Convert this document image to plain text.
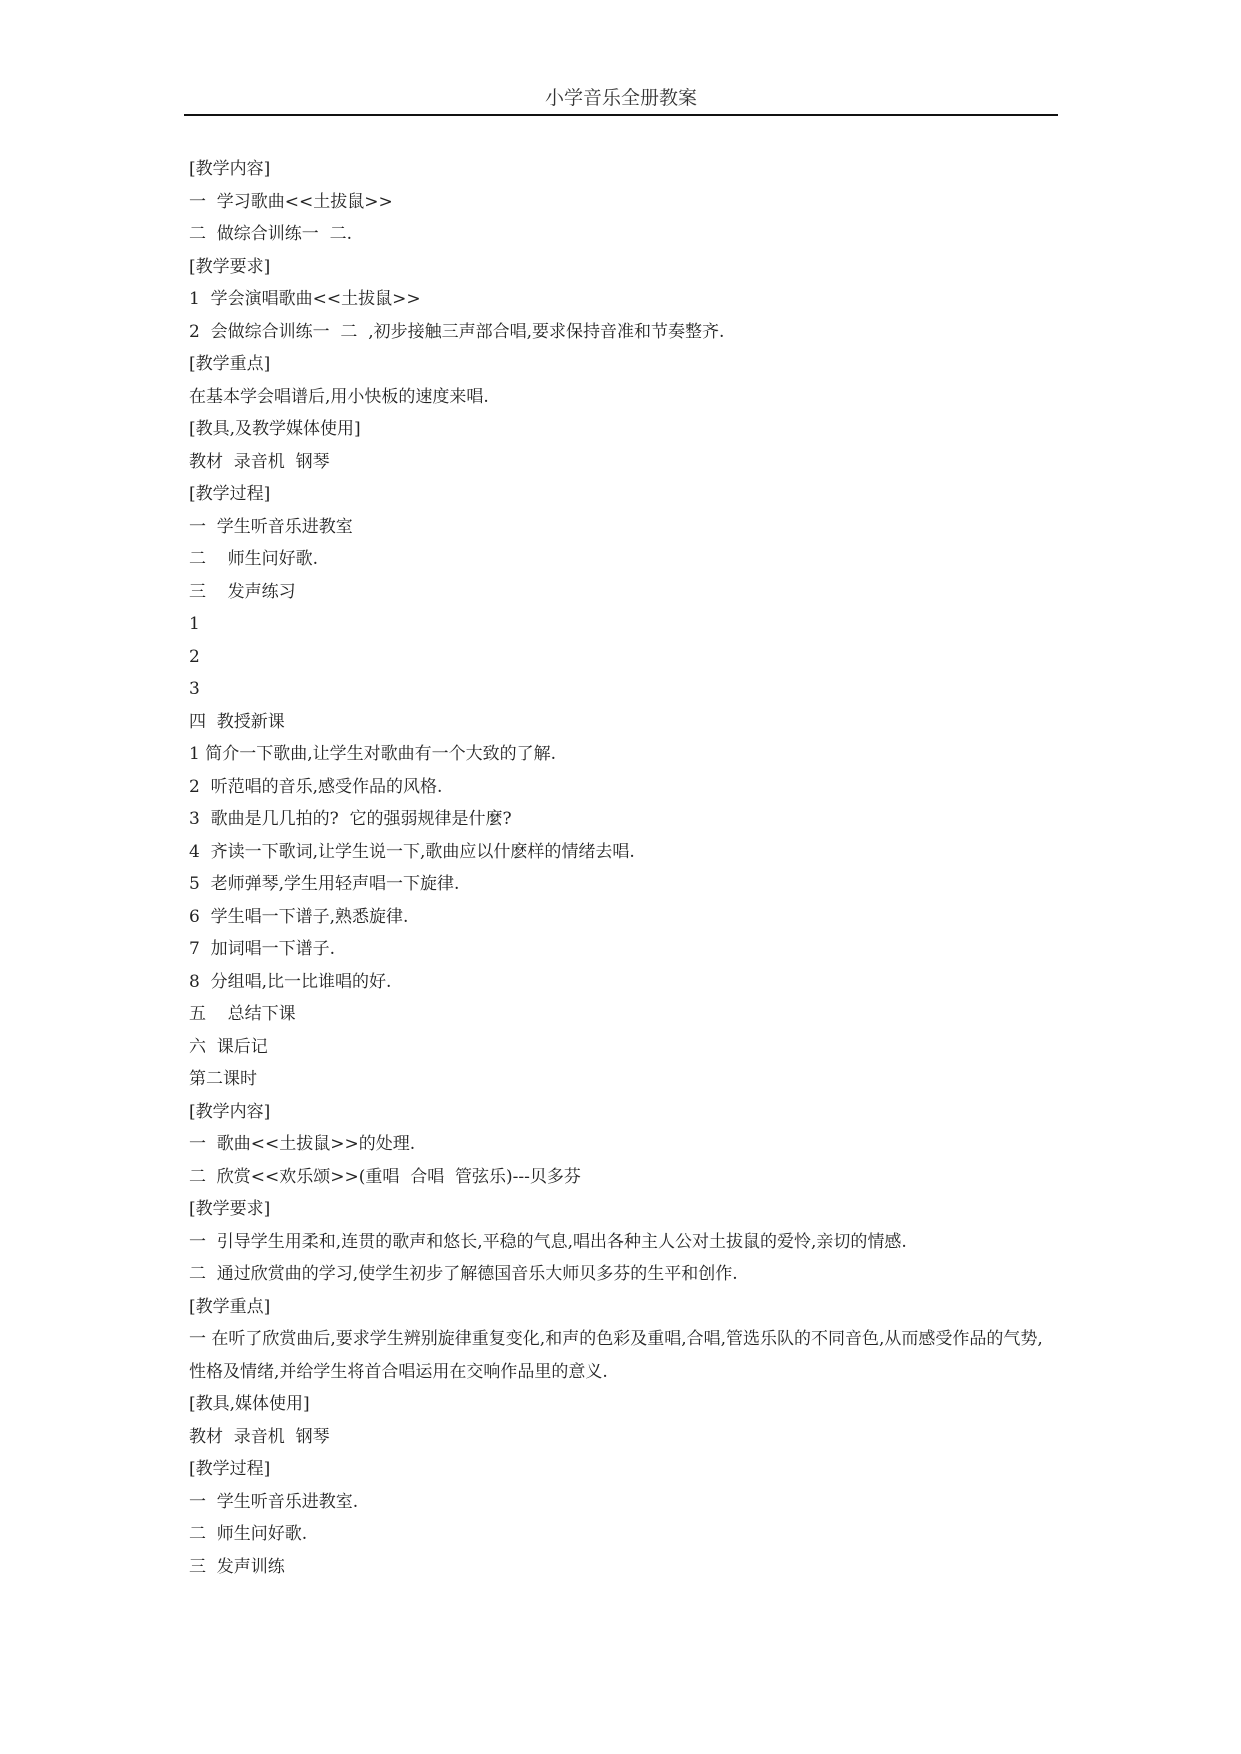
小学音乐全册教案
[教学内容]
一  学习歌曲<<土拔鼠>>
二  做综合训练一  二.
[教学要求]
1  学会演唱歌曲<<土拔鼠>>
2  会做综合训练一  二  ,初步接触三声部合唱,要求保持音准和节奏整齐.
[教学重点]
在基本学会唱谱后,用小快板的速度来唱.
[教具,及教学媒体使用]
教材  录音机  钢琴
[教学过程]
一  学生听音乐进教室
二    师生问好歌.
三    发声练习
1
2
3
四  教授新课
1 简介一下歌曲,让学生对歌曲有一个大致的了解.
2  听范唱的音乐,感受作品的风格.
3  歌曲是几几拍的?  它的强弱规律是什麼?
4  齐读一下歌词,让学生说一下,歌曲应以什麽样的情绪去唱.
5  老师弹琴,学生用轻声唱一下旋律.
6  学生唱一下谱子,熟悉旋律.
7  加词唱一下谱子.
8  分组唱,比一比谁唱的好.
五    总结下课
六  课后记
第二课时
[教学内容]
一  歌曲<<土拔鼠>>的处理.
二  欣赏<<欢乐颂>>(重唱  合唱  管弦乐)---贝多芬
[教学要求]
一  引导学生用柔和,连贯的歌声和悠长,平稳的气息,唱出各种主人公对土拔鼠的爱怜,亲切的情感.
二  通过欣赏曲的学习,使学生初步了解德国音乐大师贝多芬的生平和创作.
[教学重点]
一 在听了欣赏曲后,要求学生辨别旋律重复变化,和声的色彩及重唱,合唱,管选乐队的不同音色,从而感受作品的气势,性格及情绪,并给学生将首合唱运用在交响作品里的意义.
[教具,媒体使用]
教材  录音机  钢琴
[教学过程]
一  学生听音乐进教室.
二  师生问好歌.
三  发声训练
